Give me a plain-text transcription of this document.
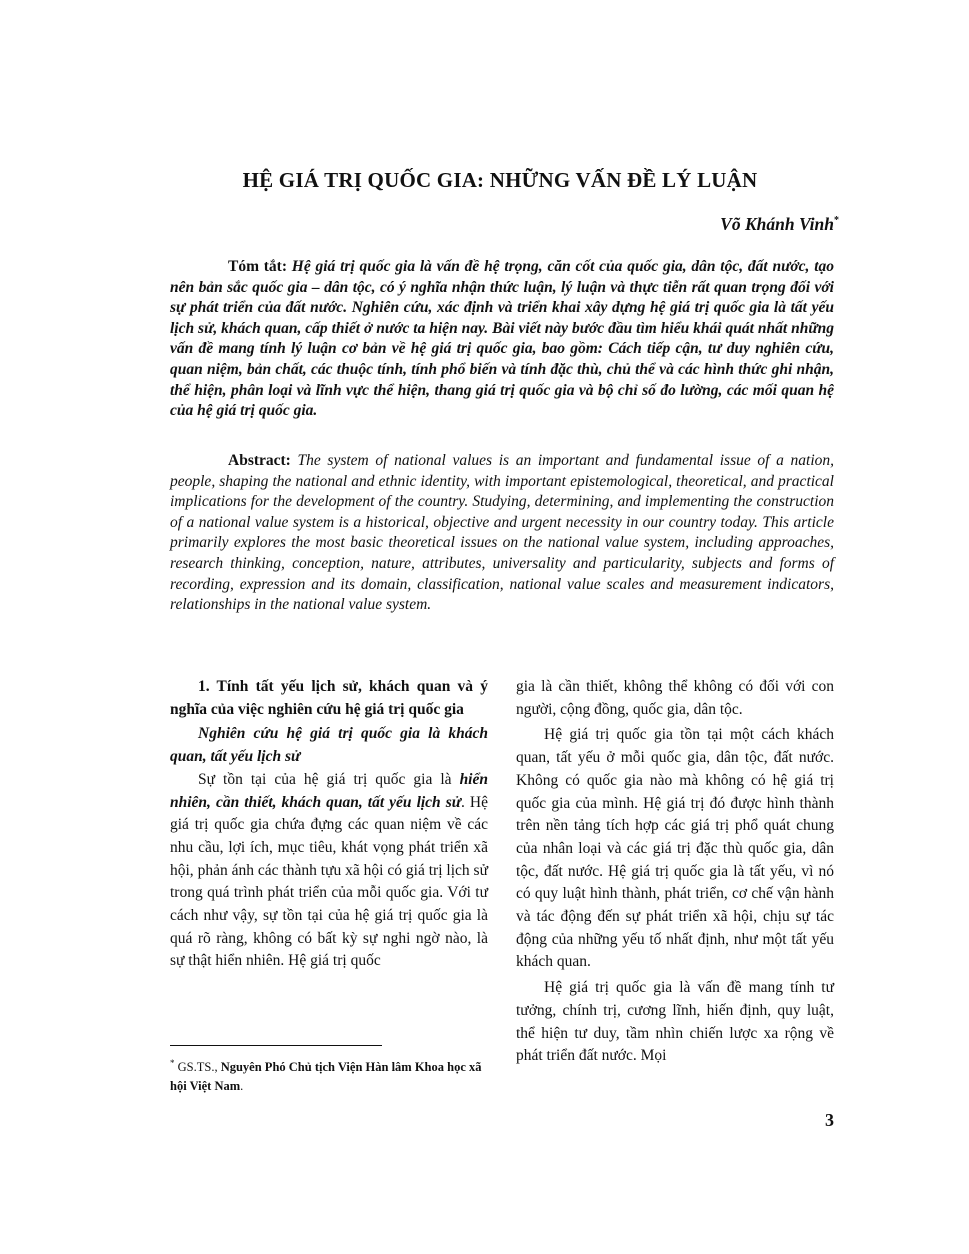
HỆ GIÁ TRỊ QUỐC GIA: NHỮNG VẤN ĐỀ LÝ LUẬN
Võ Khánh Vinh*

Tóm tắt: Hệ giá trị quốc gia là vấn đề hệ trọng, căn cốt của quốc gia, dân tộc, đất nước, tạo nên bản sắc quốc gia – dân tộc, có ý nghĩa nhận thức luận, lý luận và thực tiễn rất quan trọng đối với sự phát triển của đất nước. Nghiên cứu, xác định và triển khai xây dựng hệ giá trị quốc gia là tất yếu lịch sử, khách quan, cấp thiết ở nước ta hiện nay. Bài viết này bước đầu tìm hiểu khái quát nhất những vấn đề mang tính lý luận cơ bản về hệ giá trị quốc gia, bao gồm: Cách tiếp cận, tư duy nghiên cứu, quan niệm, bản chất, các thuộc tính, tính phổ biến và tính đặc thù, chủ thể và các hình thức ghi nhận, thể hiện, phân loại và lĩnh vực thể hiện, thang giá trị quốc gia và bộ chỉ số đo lường, các mối quan hệ của hệ giá trị quốc gia.

Abstract: The system of national values is an important and fundamental issue of a nation, people, shaping the national and ethnic identity, with important epistemological, theoretical, and practical implications for the development of the country. Studying, determining, and implementing the construction of a national value system is a historical, objective and urgent necessity in our country today. This article primarily explores the most basic theoretical issues on the national value system, including approaches, research thinking, conception, nature, attributes, universality and particularity, subjects and forms of recording, expression and its domain, classification, national value scales and measurement indicators, relationships in the national value system.

1. Tính tất yếu lịch sử, khách quan và ý nghĩa của việc nghiên cứu hệ giá trị quốc gia
Nghiên cứu hệ giá trị quốc gia là khách quan, tất yếu lịch sử

Sự tồn tại của hệ giá trị quốc gia là hiển nhiên, cần thiết, khách quan, tất yếu lịch sử. Hệ giá trị quốc gia chứa đựng các quan niệm về các nhu cầu, lợi ích, mục tiêu, khát vọng phát triển xã hội, phản ánh các thành tựu xã hội có giá trị lịch sử trong quá trình phát triển của mỗi quốc gia. Với tư cách như vậy, sự tồn tại của hệ giá trị quốc gia là quá rõ ràng, không có bất kỳ sự nghi ngờ nào, là sự thật hiển nhiên. Hệ giá trị quốc

gia là cần thiết, không thể không có đối với con người, cộng đồng, quốc gia, dân tộc.

Hệ giá trị quốc gia tồn tại một cách khách quan, tất yếu ở mỗi quốc gia, dân tộc, đất nước. Không có quốc gia nào mà không có hệ giá trị quốc gia của mình. Hệ giá trị đó được hình thành trên nền tảng tích hợp các giá trị phổ quát chung của nhân loại và các giá trị đặc thù quốc gia, dân tộc, đất nước. Hệ giá trị quốc gia là tất yếu, vì nó có quy luật hình thành, phát triển, cơ chế vận hành và tác động đến sự phát triển xã hội, chịu sự tác động của những yếu tố nhất định, như một tất yếu khách quan.

Hệ giá trị quốc gia là vấn đề mang tính tư tưởng, chính trị, cương lĩnh, hiến định, quy luật, thể hiện tư duy, tầm nhìn chiến lược xa rộng về phát triển đất nước. Mọi

* GS.TS., Nguyên Phó Chủ tịch Viện Hàn lâm Khoa học xã hội Việt Nam.

3
